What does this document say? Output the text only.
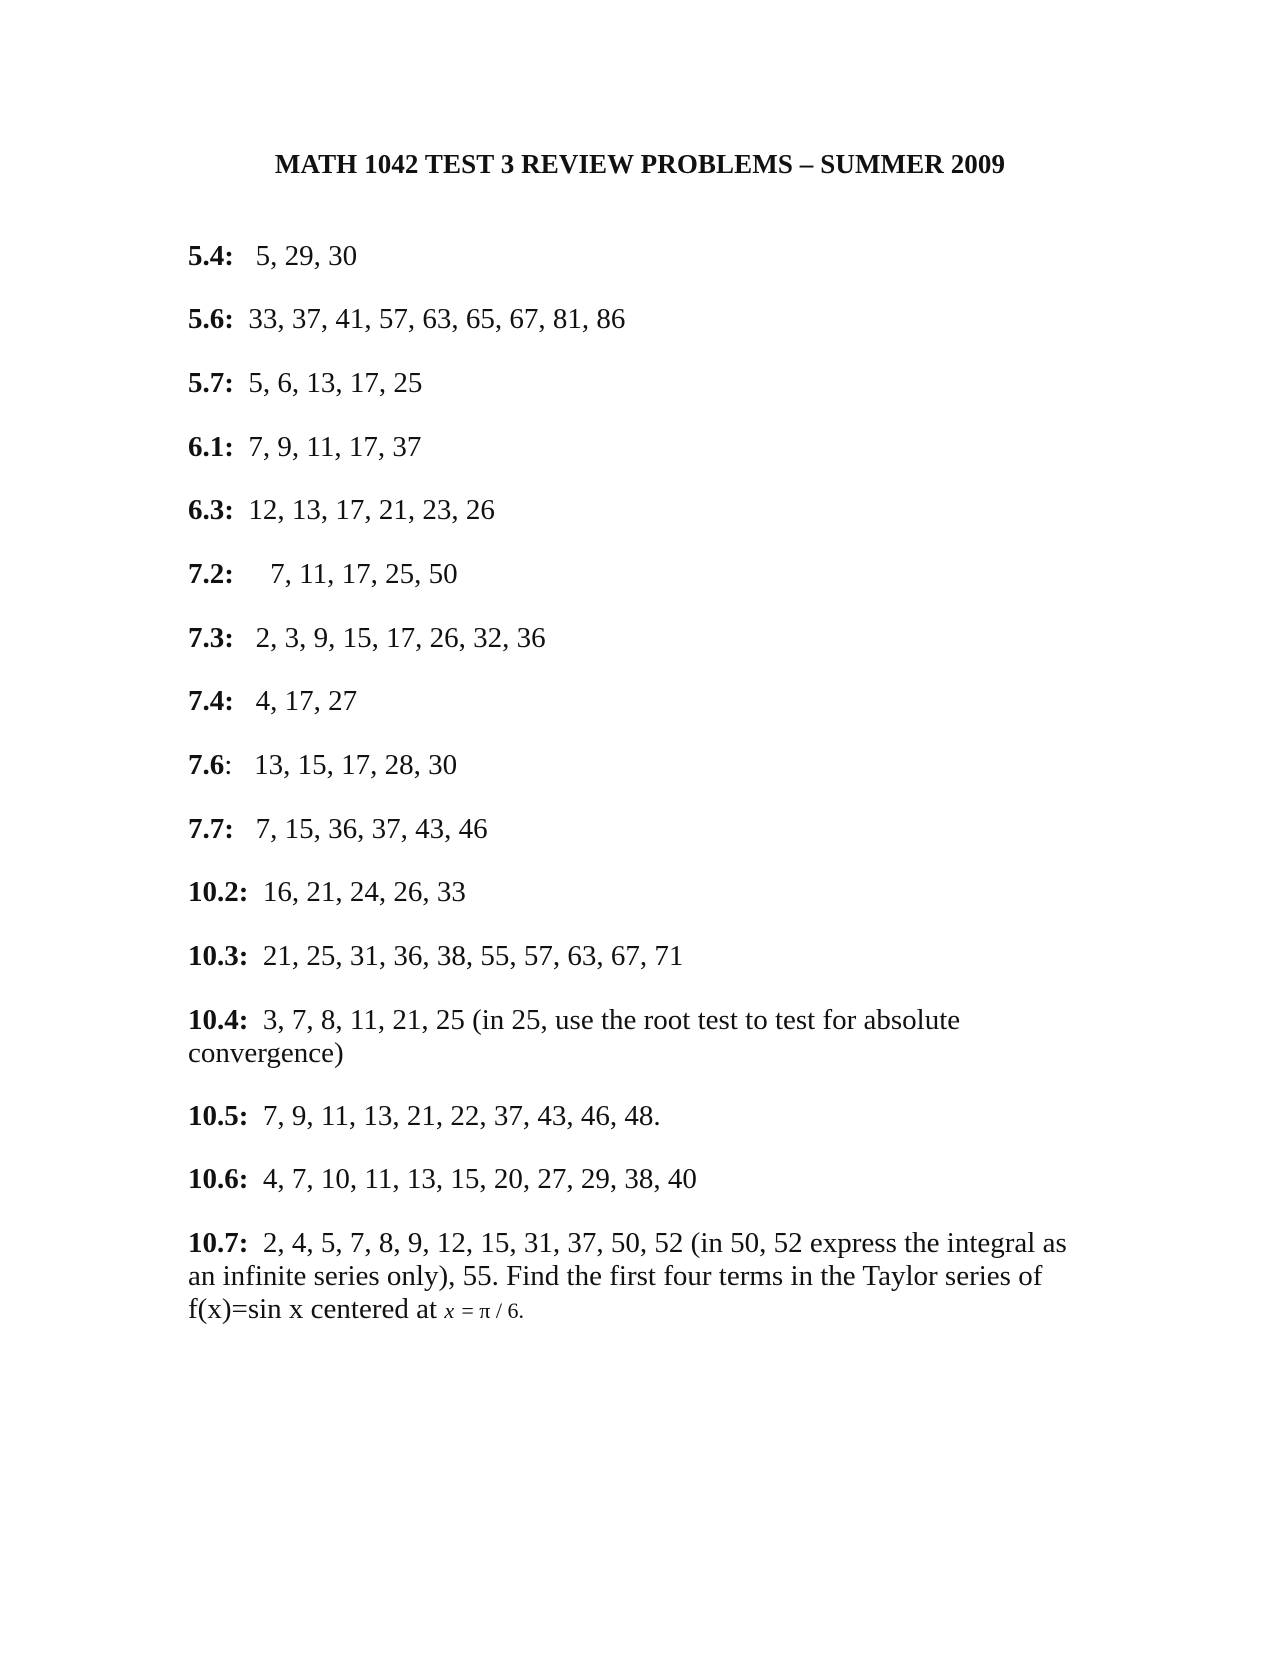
MATH 1042 TEST 3 REVIEW PROBLEMS – SUMMER 2009
5.4: 5, 29, 30
5.6: 33, 37, 41, 57, 63, 65, 67, 81, 86
5.7: 5, 6, 13, 17, 25
6.1: 7, 9, 11, 17, 37
6.3: 12, 13, 17, 21, 23, 26
7.2: 7, 11, 17, 25, 50
7.3: 2, 3, 9, 15, 17, 26, 32, 36
7.4: 4, 17, 27
7.6: 13, 15, 17, 28, 30
7.7: 7, 15, 36, 37, 43, 46
10.2: 16, 21, 24, 26, 33
10.3: 21, 25, 31, 36, 38, 55, 57, 63, 67, 71
10.4: 3, 7, 8, 11, 21, 25 (in 25, use the root test to test for absolute convergence)
10.5: 7, 9, 11, 13, 21, 22, 37, 43, 46, 48.
10.6: 4, 7, 10, 11, 13, 15, 20, 27, 29, 38, 40
10.7: 2, 4, 5, 7, 8, 9, 12, 15, 31, 37, 50, 52 (in 50, 52 express the integral as an infinite series only), 55. Find the first four terms in the Taylor series of f(x)=sin x centered at x = π / 6.
